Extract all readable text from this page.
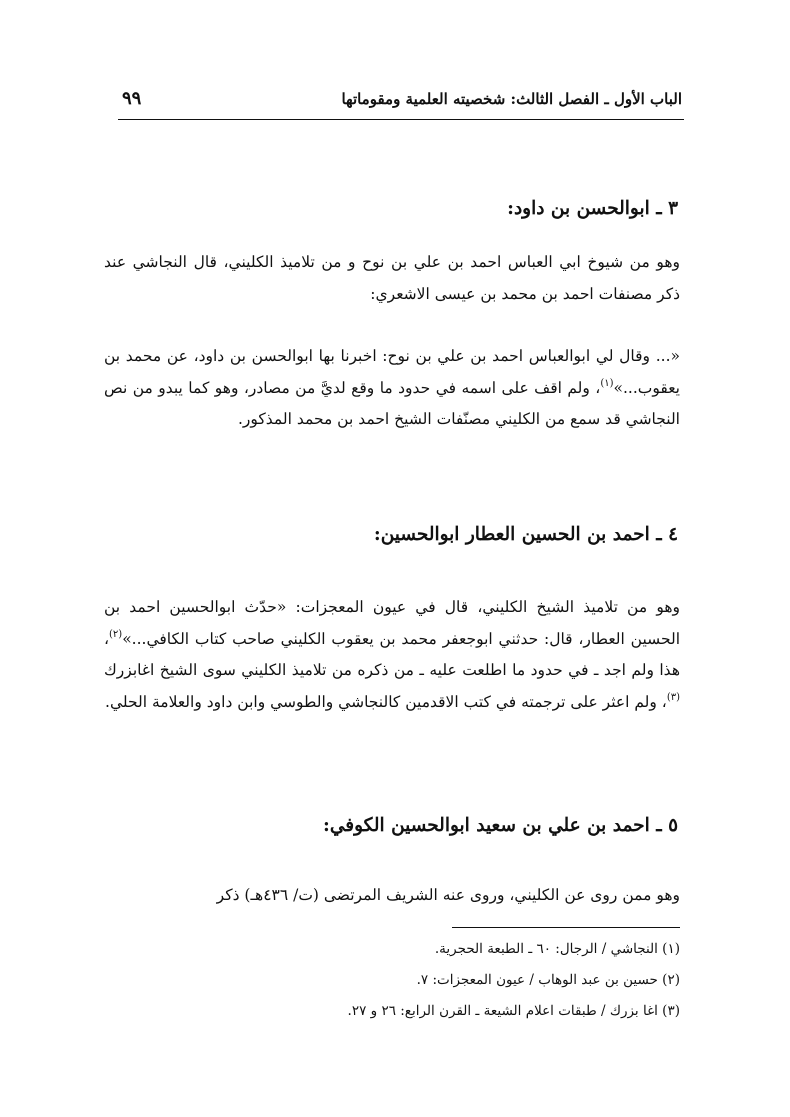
الباب الأول ـ الفصل الثالث: شخصيته العلمية ومقوماتها
٩٩
٣ ـ ابوالحسن بن داود:

وهو من شيوخ ابي العباس احمد بن علي بن نوح و من تلاميذ الكليني، قال النجاشي عند ذكر مصنفات احمد بن محمد بن عيسى الاشعري:

«... وقال لي ابوالعباس احمد بن علي بن نوح: اخبرنا بها ابوالحسن بن داود، عن محمد بن يعقوب...»$^{(١)}$، ولم اقف على اسمه في حدود ما وقع لديَّ من مصادر، وهو كما يبدو من نص النجاشي قد سمع من الكليني مصنّفات الشيخ احمد بن محمد المذكور.

٤ ـ احمد بن الحسين العطار ابوالحسين:

وهو من تلاميذ الشيخ الكليني، قال في عيون المعجزات: «حدّث ابوالحسين احمد بن الحسين العطار، قال: حدثني ابوجعفر محمد بن يعقوب الكليني صاحب كتاب الكافي...»$^{(٢)}$، هذا ولم اجد ـ في حدود ما اطلعت عليه ـ من ذكره من تلاميذ الكليني سوى الشيخ اغابزرك $^{(٣)}$، ولم اعثر على ترجمته في كتب الاقدمين كالنجاشي والطوسي وابن داود والعلامة الحلي.

٥ ـ احمد بن علي بن سعيد ابوالحسين الكوفي:

وهو ممن روى عن الكليني، وروى عنه الشريف المرتضى (ت/ ٤٣٦هـ) ذكر

(١) النجاشي / الرجال: ٦٠ ـ الطبعة الحجرية.
(٢) حسين بن عبد الوهاب / عيون المعجزات: ٧.
(٣) اغا بزرك / طبقات اعلام الشيعة ـ القرن الرابع: ٢٦ و ٢٧.
